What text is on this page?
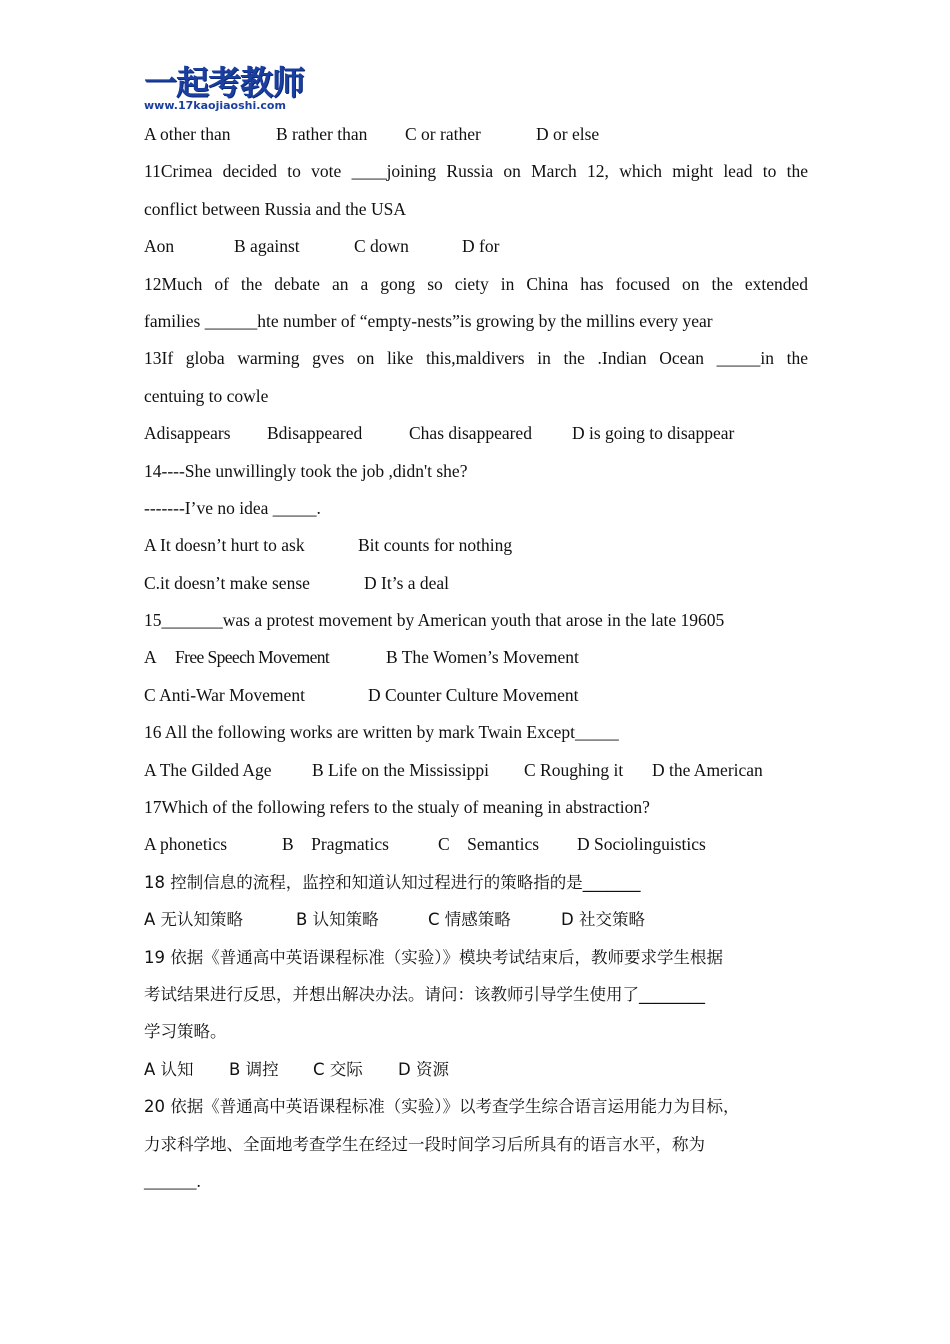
一起考教师
www.17kaojiaoshi.com
A other than	B rather than C or rather	D or else
11Crimea decided to vote ____joining Russia on March 12, which might lead to the
conflict between Russia and the USA
Aon	B against	C down	D for
12Much of the debate an a gong so ciety in China has focused on the extended
families ______hte number of “empty-nests”is growing by the millins every year
13If globa warming gves on like this,maldivers in the .Indian Ocean _____in the
centuing to cowle
Adisappears Bdisappeared	Chas disappeared D is going to disappear
14----She unwillingly took the job ,didn't she?
-------I’ve no idea _____.
A It doesn’t hurt to ask	Bit counts for nothing
C.it doesn’t make sense	D It’s a deal
15_______was a protest movement by American youth that arose in the late 19605
A Free Speech Movement	B The Women’s Movement
C Anti-War Movement	D Counter Culture Movement
16 All the following works are written by mark Twain Except_____
A The Gilded Age B Life on the Mississippi C Roughing it D the American
17Which of the following refers to the stualy of meaning in abstraction?
A phonetics	B    Pragmatics	C    Semantics D Sociolinguistics
18 控制信息的流程，监控和知道认知过程进行的策略指的是_______
A 无认知策略	B 认知策略	C 情感策略	D 社交策略
19 依据《普通高中英语课程标准（实验）》模块考试结束后，教师要求学生根据
考试结果进行反思，并想出解决办法。请问：该教师引导学生使用了________
学习策略。
A 认知 B 调控 C 交际 D 资源
20 依据《普通高中英语课程标准（实验）》以考查学生综合语言运用能力为目标，
力求科学地、全面地考查学生在经过一段时间学习后所具有的语言水平，称为
______.
